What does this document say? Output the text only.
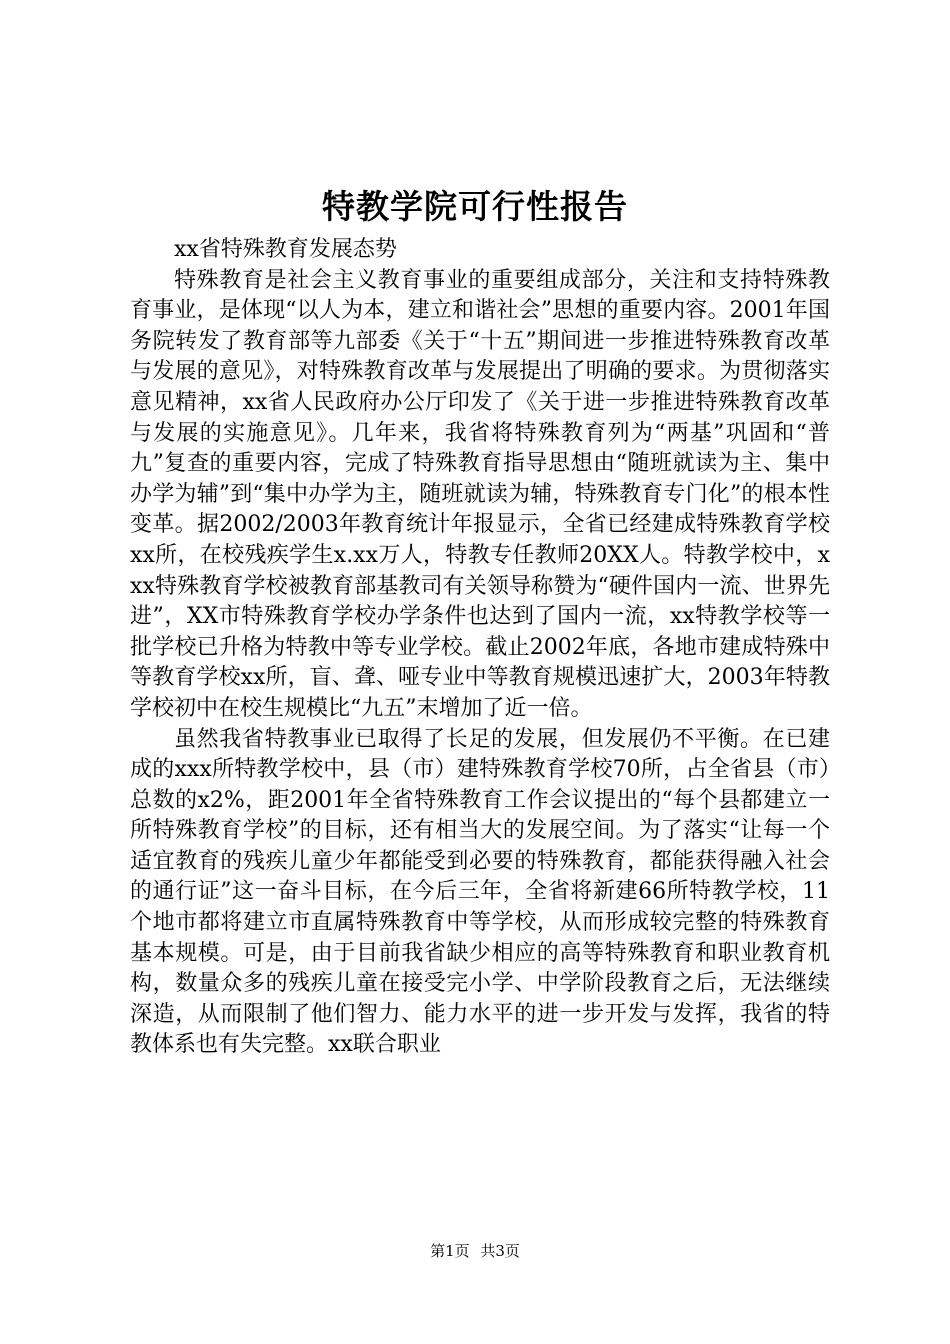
特教学院可行性报告

xx省特殊教育发展态势

特殊教育是社会主义教育事业的重要组成部分，关注和支持特殊教育事业，是体现“以人为本，建立和谐社会”思想的重要内容。2001年国务院转发了教育部等九部委《关于“十五”期间进一步推进特殊教育改革与发展的意见》，对特殊教育改革与发展提出了明确的要求。为贯彻落实意见精神，xx省人民政府办公厅印发了《关于进一步推进特殊教育改革与发展的实施意见》。几年来，我省将特殊教育列为“两基”巩固和“普九”复查的重要内容，完成了特殊教育指导思想由“随班就读为主、集中办学为辅”到“集中办学为主，随班就读为辅，特殊教育专门化”的根本性变革。据2002/2003年教育统计年报显示，全省已经建成特殊教育学校xx所，在校残疾学生x.xx万人，特教专任教师20XX人。特教学校中，xxx特殊教育学校被教育部基教司有关领导称赞为“硬件国内一流、世界先进”，XX市特殊教育学校办学条件也达到了国内一流，xx特教学校等一批学校已升格为特教中等专业学校。截止2002年底，各地市建成特殊中等教育学校xx所，盲、聋、哑专业中等教育规模迅速扩大，2003年特教学校初中在校生规模比“九五”末增加了近一倍。

虽然我省特教事业已取得了长足的发展，但发展仍不平衡。在已建成的xxx所特教学校中，县（市）建特殊教育学校70所，占全省县（市）总数的x2%，距2001年全省特殊教育工作会议提出的“每个县都建立一所特殊教育学校”的目标，还有相当大的发展空间。为了落实“让每一个适宜教育的残疾儿童少年都能受到必要的特殊教育，都能获得融入社会的通行证”这一奋斗目标，在今后三年，全省将新建66所特教学校，11个地市都将建立市直属特殊教育中等学校，从而形成较完整的特殊教育基本规模。可是，由于目前我省缺少相应的高等特殊教育和职业教育机构，数量众多的残疾儿童在接受完小学、中学阶段教育之后，无法继续深造，从而限制了他们智力、能力水平的进一步开发与发挥，我省的特教体系也有失完整。xx联合职业

第1页 共3页
